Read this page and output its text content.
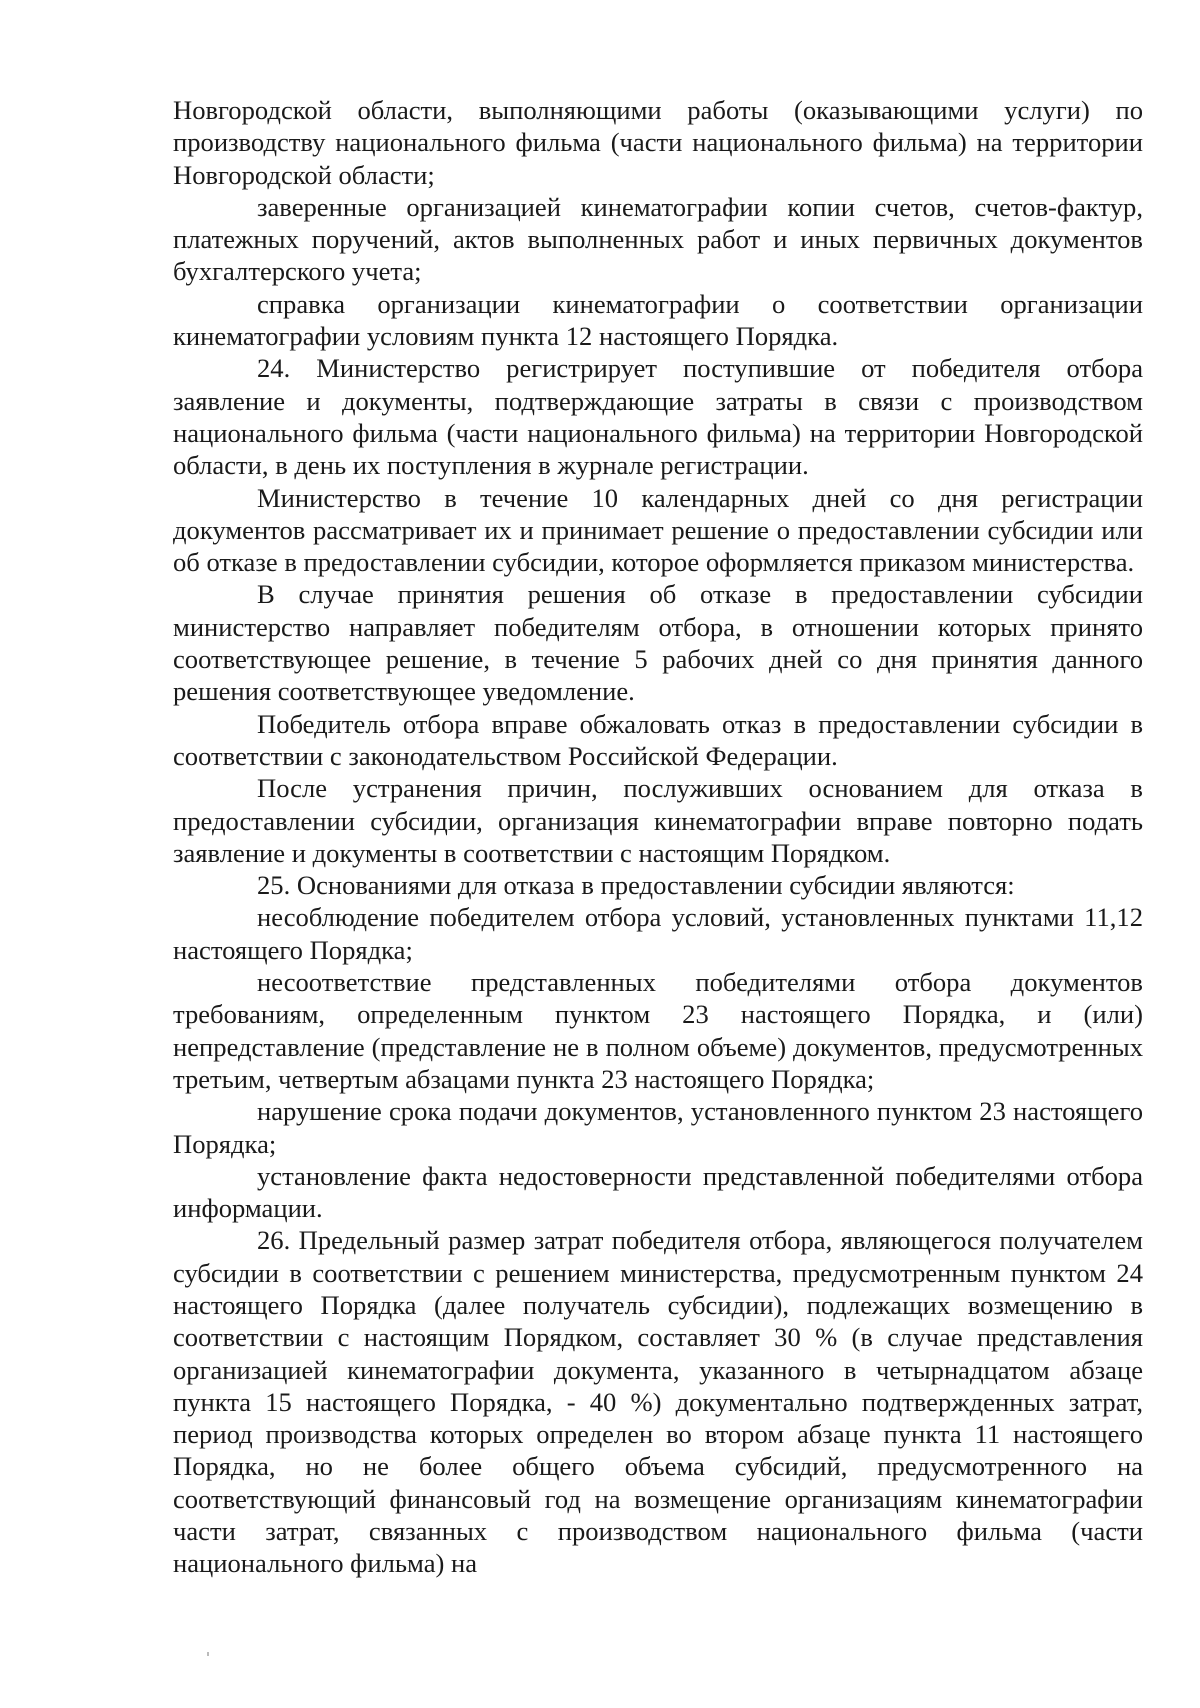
Новгородской области, выполняющими работы (оказывающими услуги) по производству национального фильма (части национального фильма) на территории Новгородской области;

заверенные организацией кинематографии копии счетов, счетов-фактур, платежных поручений, актов выполненных работ и иных первичных документов бухгалтерского учета;

справка организации кинематографии о соответствии организации кинематографии условиям пункта 12 настоящего Порядка.

24. Министерство регистрирует поступившие от победителя отбора заявление и документы, подтверждающие затраты в связи с производством национального фильма (части национального фильма) на территории Новгородской области, в день их поступления в журнале регистрации.

Министерство в течение 10 календарных дней со дня регистрации документов рассматривает их и принимает решение о предоставлении субсидии или об отказе в предоставлении субсидии, которое оформляется приказом министерства.

В случае принятия решения об отказе в предоставлении субсидии министерство направляет победителям отбора, в отношении которых принято соответствующее решение, в течение 5 рабочих дней со дня принятия данного решения соответствующее уведомление.

Победитель отбора вправе обжаловать отказ в предоставлении субсидии в соответствии с законодательством Российской Федерации.

После устранения причин, послуживших основанием для отказа в предоставлении субсидии, организация кинематографии вправе повторно подать заявление и документы в соответствии с настоящим Порядком.

25. Основаниями для отказа в предоставлении субсидии являются:

несоблюдение победителем отбора условий, установленных пунктами 11,12 настоящего Порядка;

несоответствие представленных победителями отбора документов требованиям, определенным пунктом 23 настоящего Порядка, и (или) непредставление (представление не в полном объеме) документов, предусмотренных третьим, четвертым абзацами пункта 23 настоящего Порядка;

нарушение срока подачи документов, установленного пунктом 23 настоящего Порядка;

установление факта недостоверности представленной победителями отбора информации.

26. Предельный размер затрат победителя отбора, являющегося получателем субсидии в соответствии с решением министерства, предусмотренным пунктом 24 настоящего Порядка (далее получатель субсидии), подлежащих возмещению в соответствии с настоящим Порядком, составляет 30 % (в случае представления организацией кинематографии документа, указанного в четырнадцатом абзаце пункта 15 настоящего Порядка, - 40 %) документально подтвержденных затрат, период производства которых определен во втором абзаце пункта 11 настоящего Порядка, но не более общего объема субсидий, предусмотренного на соответствующий финансовый год на возмещение организациям кинематографии части затрат, связанных с производством национального фильма (части национального фильма) на
